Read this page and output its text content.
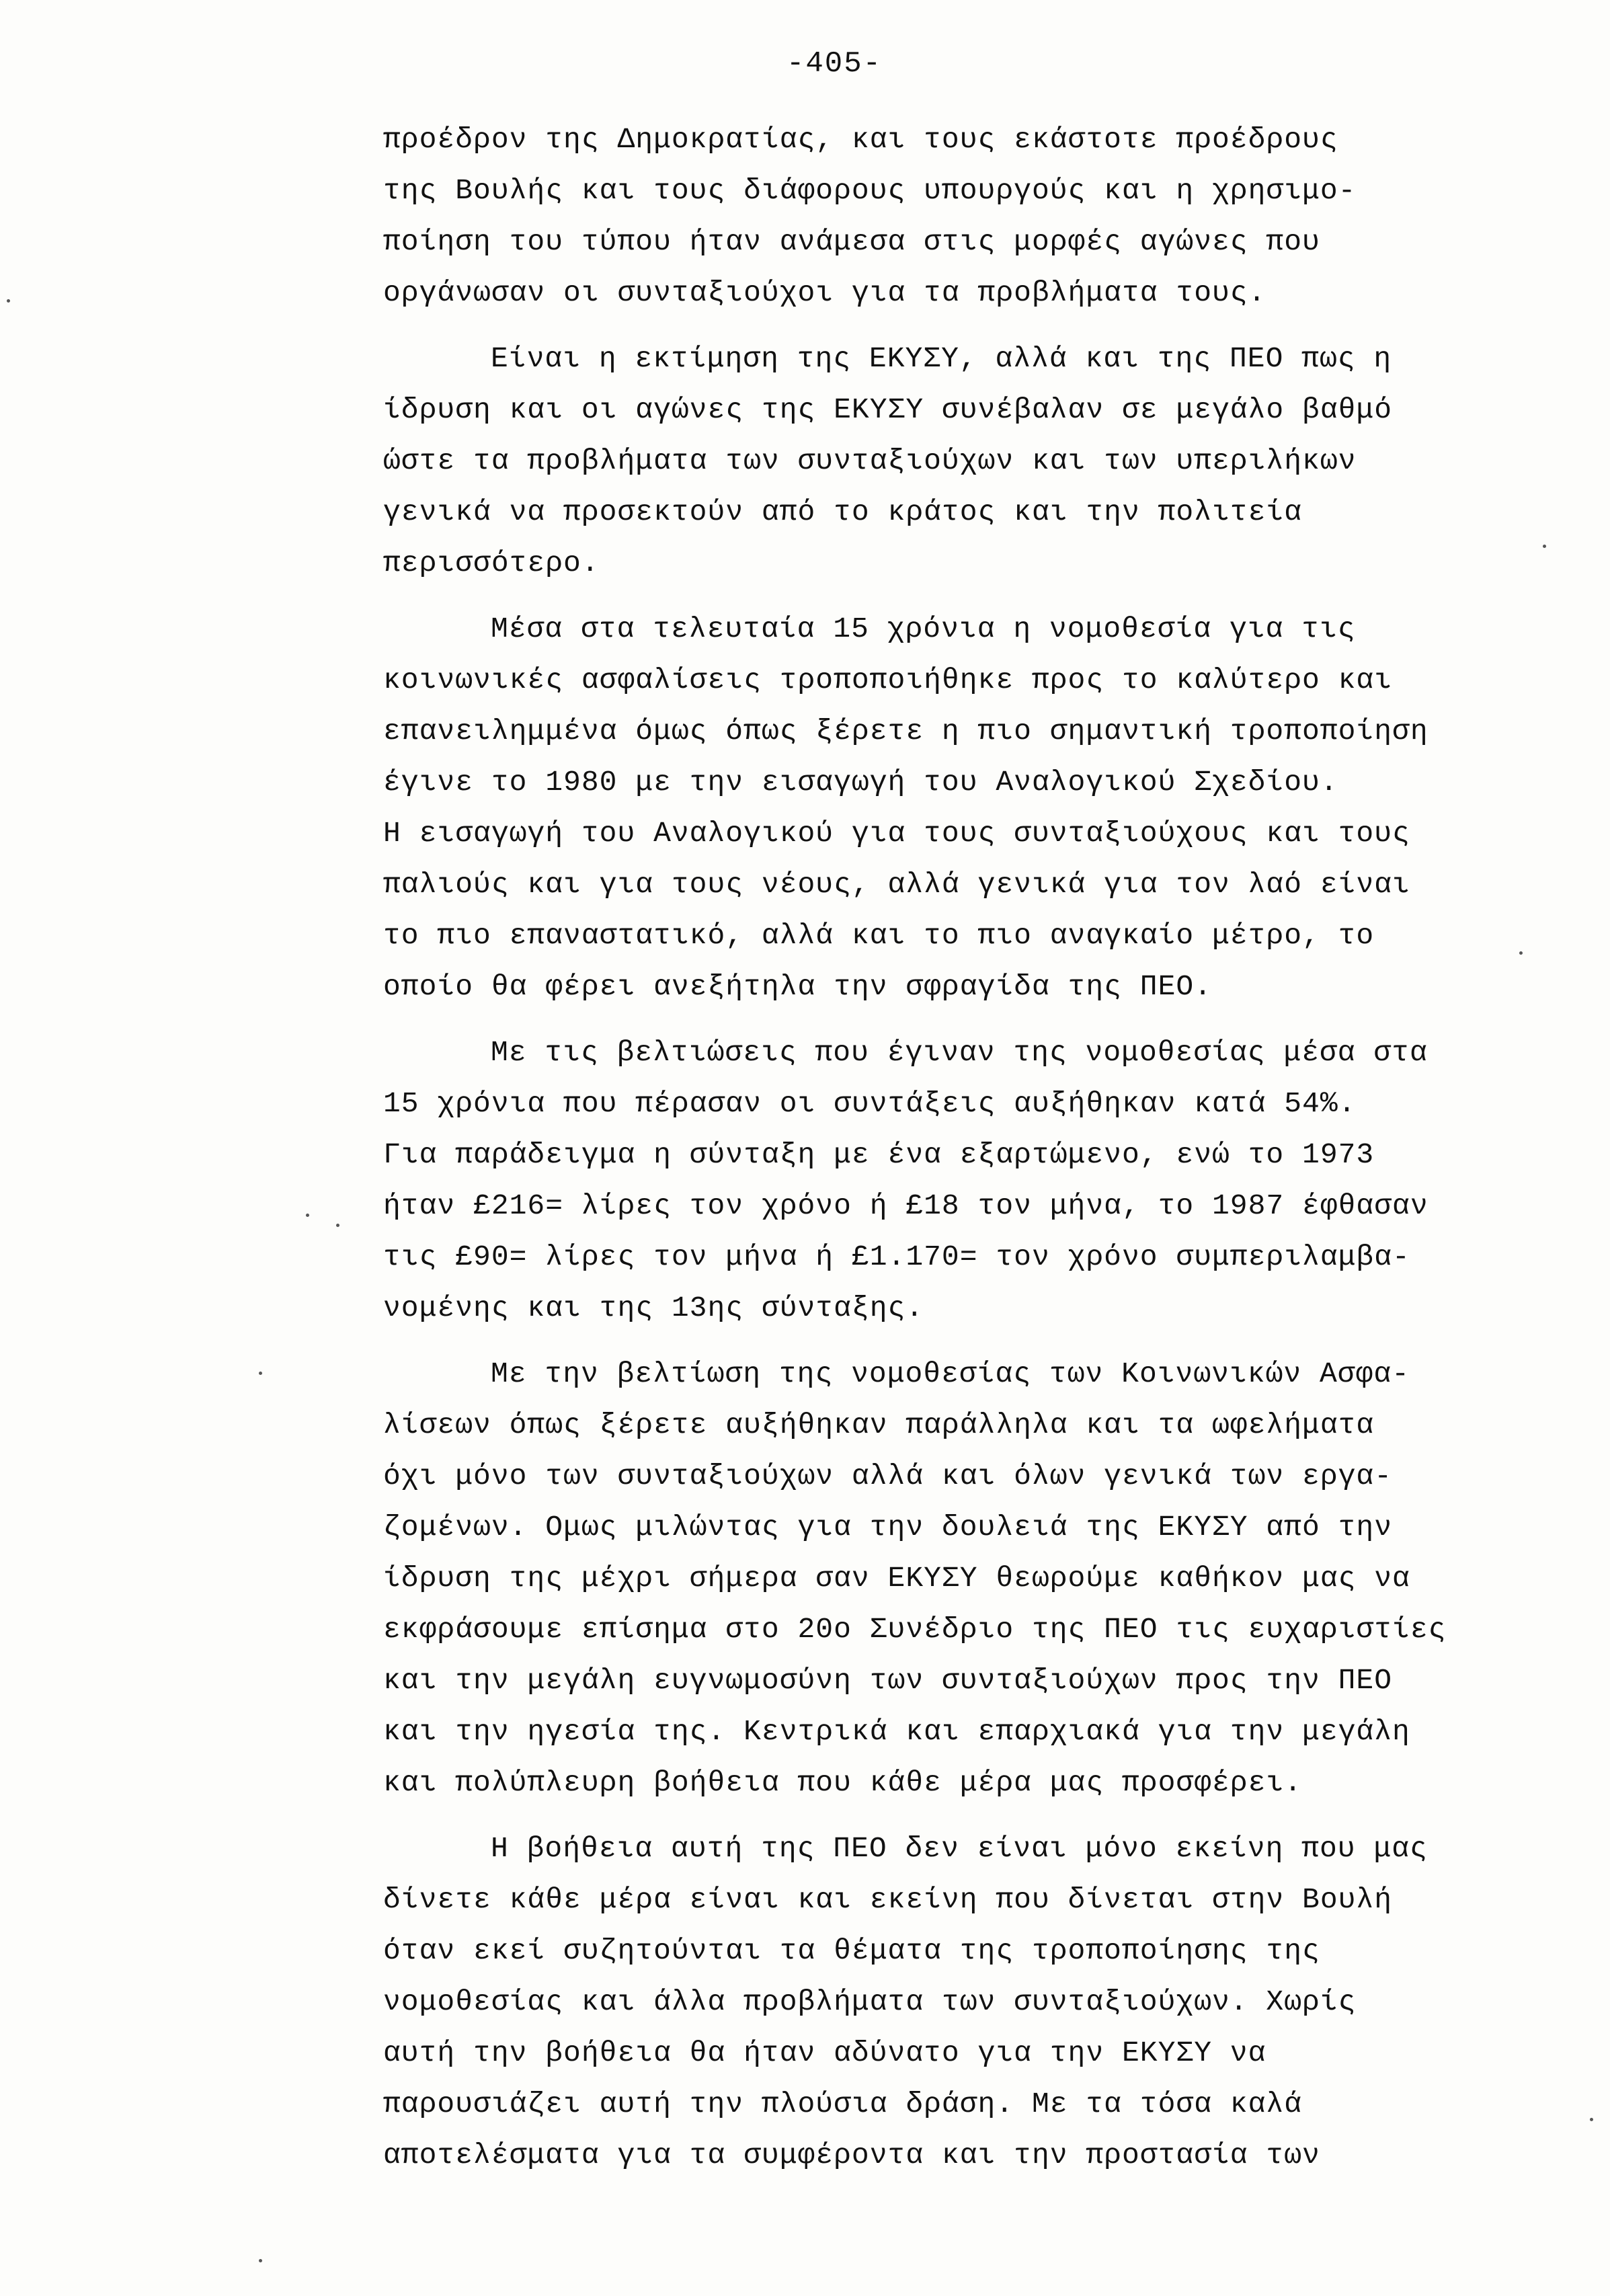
-405-
προέδρον της Δημοκρατίας, και τους εκάστοτε προέδρους
της Βουλής και τους διάφορους υπουργούς και η χρησιμο-
ποίηση του τύπου ήταν ανάμεσα στις μορφές αγώνες που
οργάνωσαν οι συνταξιούχοι για τα προβλήματα τους.
Είναι η εκτίμηση της ΕΚΥΣΥ, αλλά και της ΠΕΟ πως η
ίδρυση και οι αγώνες της ΕΚΥΣΥ συνέβαλαν σε μεγάλο βαθμό
ώστε τα προβλήματα των συνταξιούχων και των υπεριλήκων
γενικά να προσεκτούν από το κράτος και την πολιτεία
περισσότερο.
Μέσα στα τελευταία 15 χρόνια η νομοθεσία για τις
κοινωνικές ασφαλίσεις τροποποιήθηκε προς το καλύτερο και
επανειλημμένα όμως όπως ξέρετε η πιο σημαντική τροποποίηση
έγινε το 1980 με την εισαγωγή του Αναλογικού Σχεδίου.
Η εισαγωγή του Αναλογικού για τους συνταξιούχους και τους
παλιούς και για τους νέους, αλλά γενικά για τον λαό είναι
το πιο επαναστατικό, αλλά και το πιο αναγκαίο μέτρο, το
οποίο θα φέρει ανεξήτηλα την σφραγίδα της ΠΕΟ.
Με τις βελτιώσεις που έγιναν της νομοθεσίας μέσα στα
15 χρόνια που πέρασαν οι συντάξεις αυξήθηκαν κατά 54%.
Για παράδειγμα η σύνταξη με ένα εξαρτώμενο, ενώ το 1973
ήταν £216= λίρες τον χρόνο ή £18 τον μήνα, το 1987 έφθασαν
τις £90= λίρες τον μήνα ή £1.170= τον χρόνο συμπεριλαμβα-
νομένης και της 13ης σύνταξης.
Με την βελτίωση της νομοθεσίας των Κοινωνικών Ασφα-
λίσεων όπως ξέρετε αυξήθηκαν παράλληλα και τα ωφελήματα
όχι μόνο των συνταξιούχων αλλά και όλων γενικά των εργα-
ζομένων. Ομως μιλώντας για την δουλειά της ΕΚΥΣΥ από την
ίδρυση της μέχρι σήμερα σαν ΕΚΥΣΥ θεωρούμε καθήκον μας να
εκφράσουμε επίσημα στο 20ο Συνέδριο της ΠΕΟ τις ευχαριστίες
και την μεγάλη ευγνωμοσύνη των συνταξιούχων προς την ΠΕΟ
και την ηγεσία της. Κεντρικά και επαρχιακά για την μεγάλη
και πολύπλευρη βοήθεια που κάθε μέρα μας προσφέρει.
Η βοήθεια αυτή της ΠΕΟ δεν είναι μόνο εκείνη που μας
δίνετε κάθε μέρα είναι και εκείνη που δίνεται στην Βουλή
όταν εκεί συζητούνται τα θέματα της τροποποίησης της
νομοθεσίας και άλλα προβλήματα των συνταξιούχων. Χωρίς
αυτή την βοήθεια θα ήταν αδύνατο για την ΕΚΥΣΥ να
παρουσιάζει αυτή την πλούσια δράση. Με τα τόσα καλά
αποτελέσματα για τα συμφέροντα και την προστασία των
